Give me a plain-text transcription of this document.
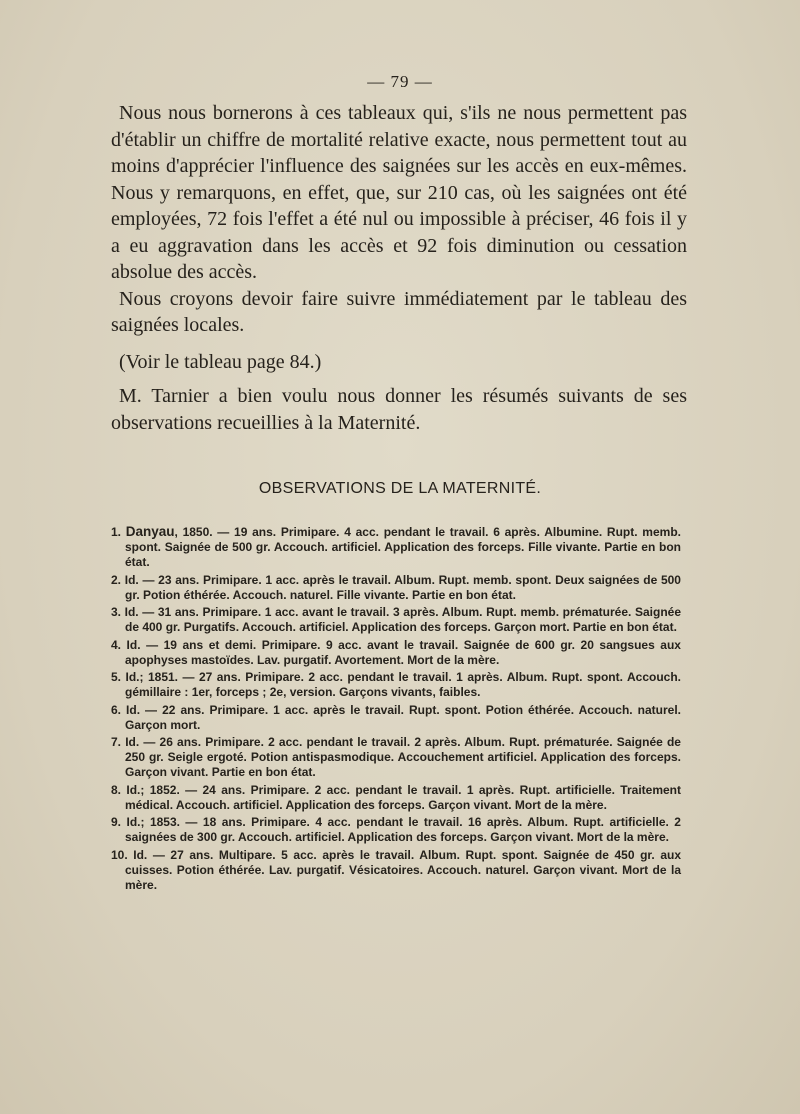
— 79 —

Nous nous bornerons à ces tableaux qui, s'ils ne nous permettent pas d'établir un chiffre de mortalité relative exacte, nous permettent tout au moins d'apprécier l'influence des saignées sur les accès en eux-mêmes. Nous y remarquons, en effet, que, sur 210 cas, où les saignées ont été employées, 72 fois l'effet a été nul ou impossible à préciser, 46 fois il y a eu aggravation dans les accès et 92 fois diminution ou cessation absolue des accès.

Nous croyons devoir faire suivre immédiatement par le tableau des saignées locales.

(Voir le tableau page 84.)

M. Tarnier a bien voulu nous donner les résumés suivants de ses observations recueillies à la Maternité.

OBSERVATIONS DE LA MATERNITÉ.

1. Danyau, 1850. — 19 ans. Primipare. 4 acc. pendant le travail. 6 après. Albumine. Rupt. memb. spont. Saignée de 500 gr. Accouch. artificiel. Application des forceps. Fille vivante. Partie en bon état.

2. Id. — 23 ans. Primipare. 1 acc. après le travail. Album. Rupt. memb. spont. Deux saignées de 500 gr. Potion éthérée. Accouch. naturel. Fille vivante. Partie en bon état.

3. Id. — 31 ans. Primipare. 1 acc. avant le travail. 3 après. Album. Rupt. memb. prématurée. Saignée de 400 gr. Purgatifs. Accouch. artificiel. Application des forceps. Garçon mort. Partie en bon état.

4. Id. — 19 ans et demi. Primipare. 9 acc. avant le travail. Saignée de 600 gr. 20 sangsues aux apophyses mastoïdes. Lav. purgatif. Avortement. Mort de la mère.

5. Id.; 1851. — 27 ans. Primipare. 2 acc. pendant le travail. 1 après. Album. Rupt. spont. Accouch. gémillaire : 1er, forceps ; 2e, version. Garçons vivants, faibles.

6. Id. — 22 ans. Primipare. 1 acc. après le travail. Rupt. spont. Potion éthérée. Accouch. naturel. Garçon mort.

7. Id. — 26 ans. Primipare. 2 acc. pendant le travail. 2 après. Album. Rupt. prématurée. Saignée de 250 gr. Seigle ergoté. Potion antispasmodique. Accouchement artificiel. Application des forceps. Garçon vivant. Partie en bon état.

8. Id.; 1852. — 24 ans. Primipare. 2 acc. pendant le travail. 1 après. Rupt. artificielle. Traitement médical. Accouch. artificiel. Application des forceps. Garçon vivant. Mort de la mère.

9. Id.; 1853. — 18 ans. Primipare. 4 acc. pendant le travail. 16 après. Album. Rupt. artificielle. 2 saignées de 300 gr. Accouch. artificiel. Application des forceps. Garçon vivant. Mort de la mère.

10. Id. — 27 ans. Multipare. 5 acc. après le travail. Album. Rupt. spont. Saignée de 450 gr. aux cuisses. Potion éthérée. Lav. purgatif. Vésicatoires. Accouch. naturel. Garçon vivant. Mort de la mère.
